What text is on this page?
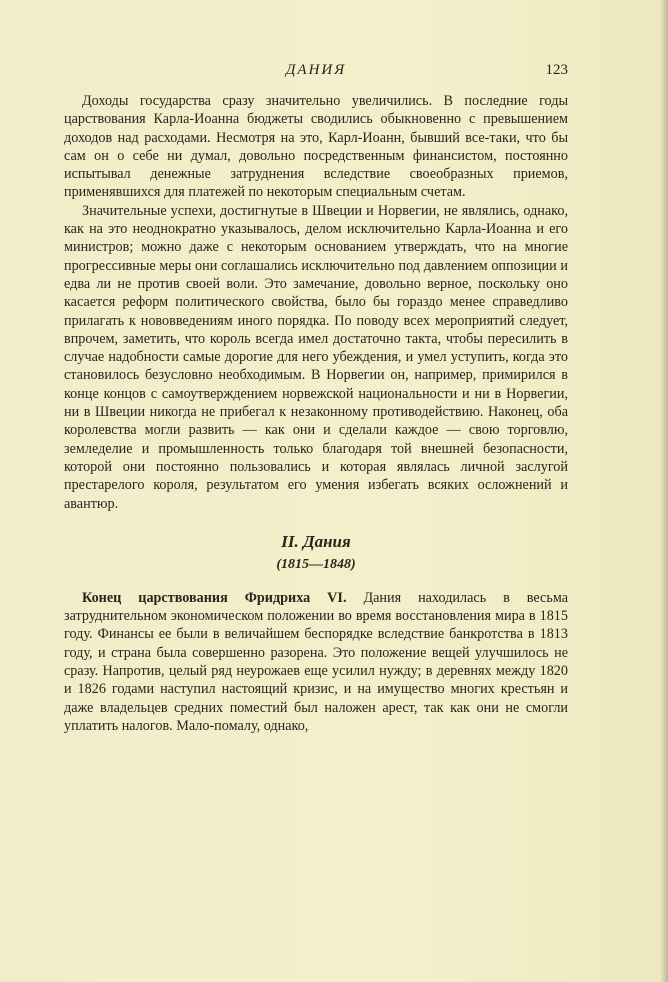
ДАНИЯ	123

Доходы государства сразу значительно увеличились. В последние годы царствования Карла-Иоанна бюджеты сводились обыкновенно с превышением доходов над расходами. Несмотря на это, Карл-Иоанн, бывший все-таки, что бы сам он о себе ни думал, довольно посредственным финансистом, постоянно испытывал денежные затруднения вследствие своеобразных приемов, применявшихся для платежей по некоторым специальным счетам.

Значительные успехи, достигнутые в Швеции и Норвегии, не являлись, однако, как на это неоднократно указывалось, делом исключительно Карла-Иоанна и его министров; можно даже с некоторым основанием утверждать, что на многие прогрессивные меры они соглашались исключительно под давлением оппозиции и едва ли не против своей воли. Это замечание, довольно верное, поскольку оно касается реформ политического свойства, было бы гораздо менее справедливо прилагать к нововведениям иного порядка. По поводу всех мероприятий следует, впрочем, заметить, что король всегда имел достаточно такта, чтобы пересилить в случае надобности самые дорогие для него убеждения, и умел уступить, когда это становилось безусловно необходимым. В Норвегии он, например, примирился в конце концов с самоутверждением норвежской национальности и ни в Норвегии, ни в Швеции никогда не прибегал к незаконному противодействию. Наконец, оба королевства могли развить — как они и сделали каждое — свою торговлю, земледелие и промышленность только благодаря той внешней безопасности, которой они постоянно пользовались и которая являлась личной заслугой престарелого короля, результатом его умения избегать всяких осложнений и авантюр.

II. Дания
(1815—1848)

Конец царствования Фридриха VI. Дания находилась в весьма затруднительном экономическом положении во время восстановления мира в 1815 году. Финансы ее были в величайшем беспорядке вследствие банкротства в 1813 году, и страна была совершенно разорена. Это положение вещей улучшилось не сразу. Напротив, целый ряд неурожаев еще усилил нужду; в деревнях между 1820 и 1826 годами наступил настоящий кризис, и на имущество многих крестьян и даже владельцев средних поместий был наложен арест, так как они не смогли уплатить налогов. Мало-помалу, однако,
